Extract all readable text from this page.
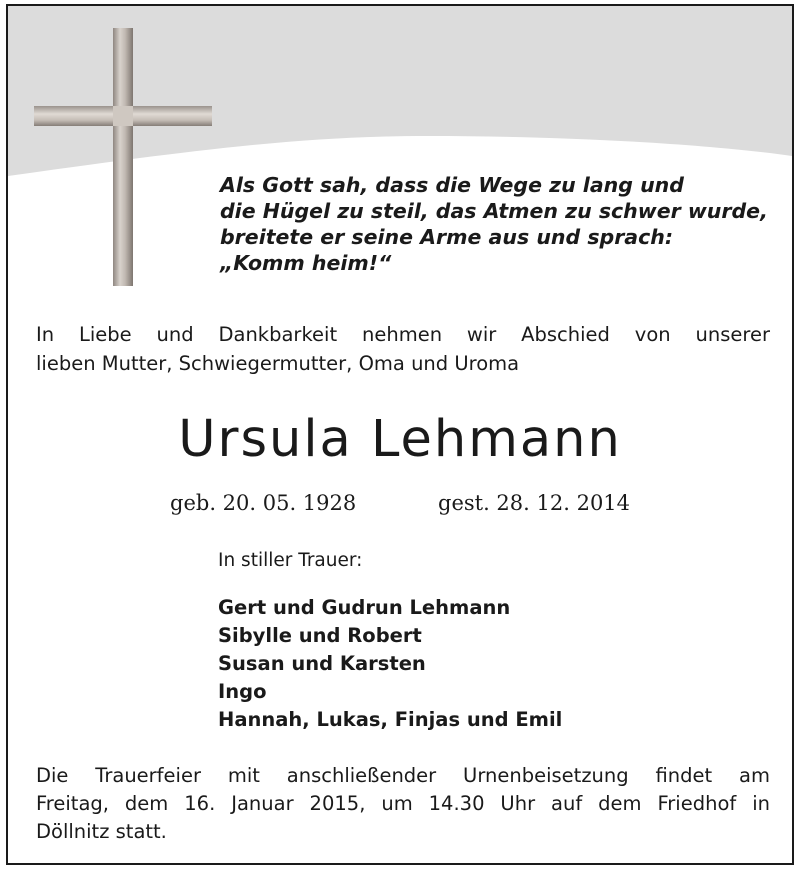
Als Gott sah, dass die Wege zu lang und
die Hügel zu steil, das Atmen zu schwer wurde,
breitete er seine Arme aus und sprach:
„Komm heim!“
In Liebe und Dankbarkeit nehmen wir Abschied von unserer
lieben Mutter, Schwiegermutter, Oma und Uroma
Ursula Lehmann
geb. 20. 05. 1928	gest. 28. 12. 2014
In stiller Trauer:
Gert und Gudrun Lehmann
Sibylle und Robert
Susan und Karsten
Ingo
Hannah, Lukas, Finjas und Emil
Die Trauerfeier mit anschließender Urnenbeisetzung findet am
Freitag, dem 16. Januar 2015, um 14.30 Uhr auf dem Friedhof in
Döllnitz statt.
